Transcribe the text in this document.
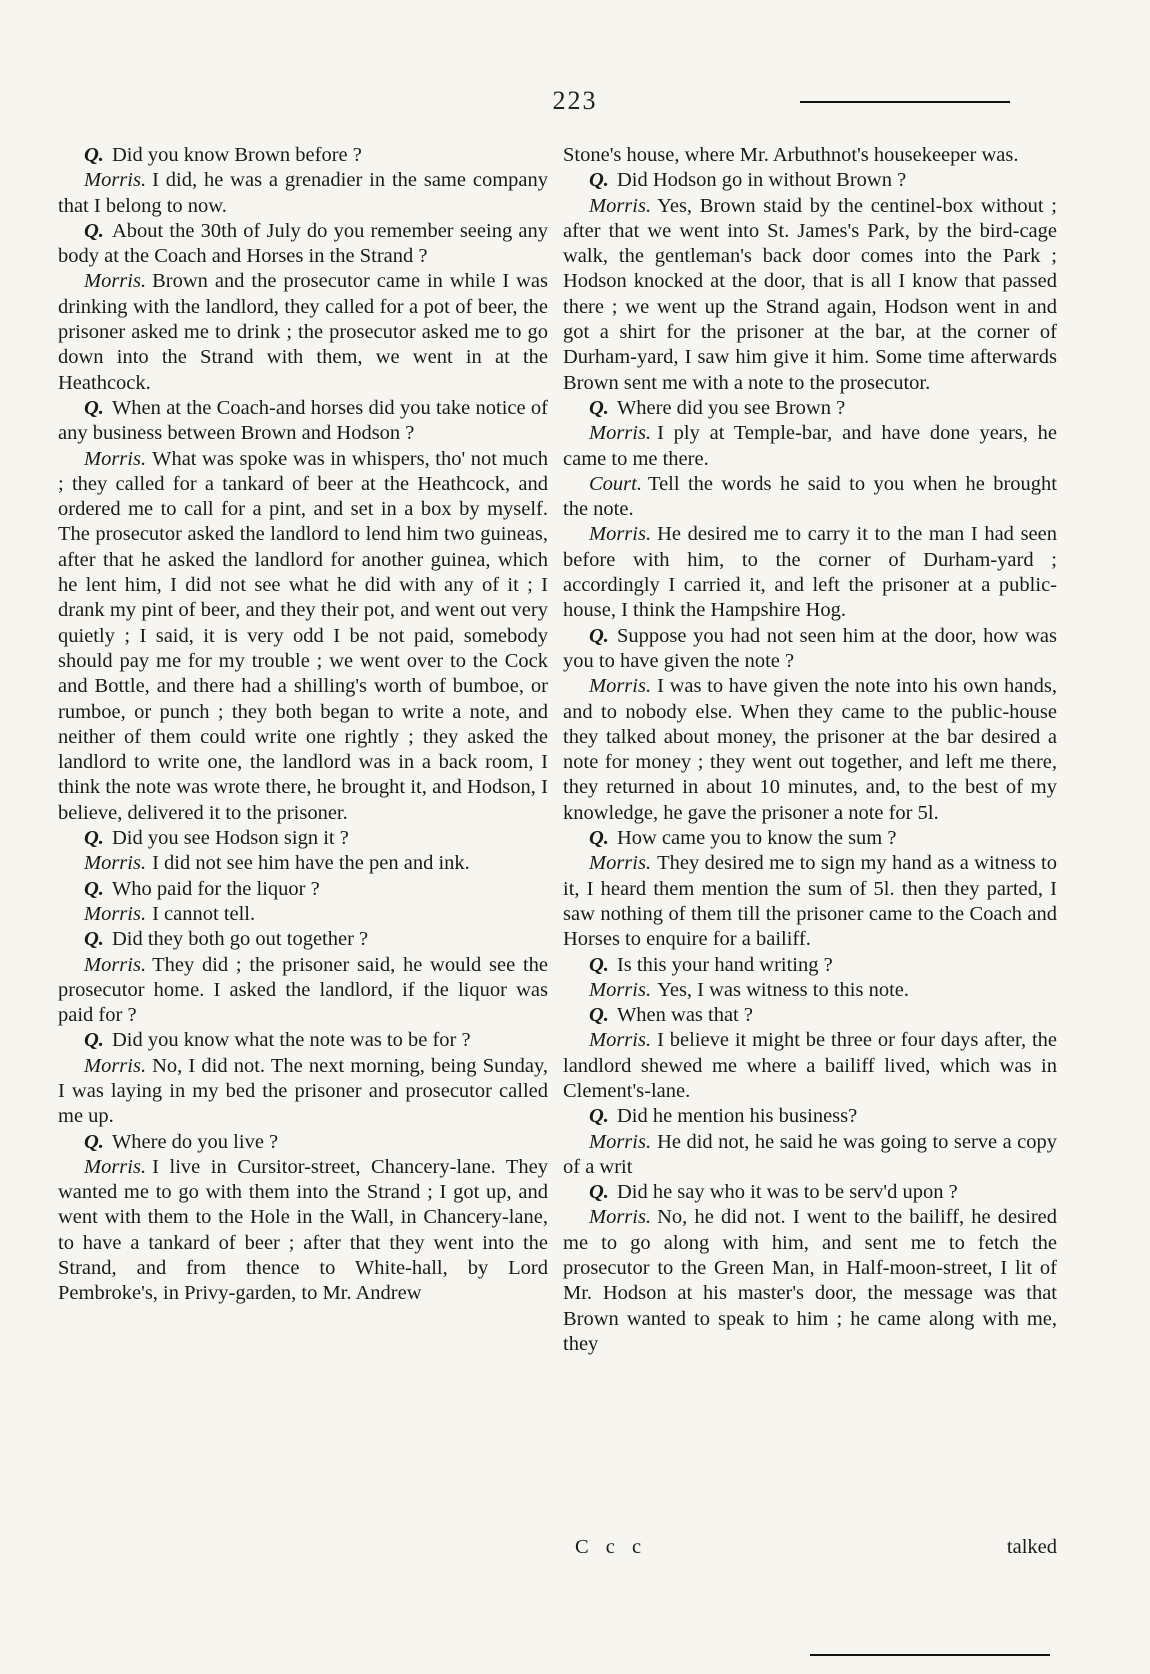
223

Q. Did you know Brown before ?

Morris. I did, he was a grenadier in the same company that I belong to now.

Q. About the 30th of July do you remember seeing any body at the Coach and Horses in the Strand ?

Morris. Brown and the prosecutor came in while I was drinking with the landlord, they called for a pot of beer, the prisoner asked me to drink ; the prosecutor asked me to go down into the Strand with them, we went in at the Heathcock.

Q. When at the Coach-and horses did you take notice of any business between Brown and Hodson ?

Morris. What was spoke was in whispers, tho' not much ; they called for a tankard of beer at the Heathcock, and ordered me to call for a pint, and set in a box by myself. The prosecutor asked the landlord to lend him two guineas, after that he asked the landlord for another guinea, which he lent him, I did not see what he did with any of it ; I drank my pint of beer, and they their pot, and went out very quietly ; I said, it is very odd I be not paid, somebody should pay me for my trouble ; we went over to the Cock and Bottle, and there had a shilling's worth of bumboe, or rumboe, or punch ; they both began to write a note, and neither of them could write one rightly ; they asked the landlord to write one, the landlord was in a back room, I think the note was wrote there, he brought it, and Hodson, I believe, delivered it to the prisoner.

Q. Did you see Hodson sign it ?

Morris. I did not see him have the pen and ink.

Q. Who paid for the liquor ?

Morris. I cannot tell.

Q. Did they both go out together ?

Morris. They did ; the prisoner said, he would see the prosecutor home. I asked the landlord, if the liquor was paid for ?

Q. Did you know what the note was to be for ?

Morris. No, I did not. The next morning, being Sunday, I was laying in my bed the prisoner and prosecutor called me up.

Q. Where do you live ?

Morris. I live in Cursitor-street, Chancery-lane. They wanted me to go with them into the Strand ; I got up, and went with them to the Hole in the Wall, in Chancery-lane, to have a tankard of beer ; after that they went into the Strand, and from thence to White-hall, by Lord Pembroke's, in Privy-garden, to Mr. Andrew

Stone's house, where Mr. Arbuthnot's housekeeper was.

Q. Did Hodson go in without Brown ?

Morris. Yes, Brown staid by the centinel-box without ; after that we went into St. James's Park, by the bird-cage walk, the gentleman's back door comes into the Park ; Hodson knocked at the door, that is all I know that passed there ; we went up the Strand again, Hodson went in and got a shirt for the prisoner at the bar, at the corner of Durham-yard, I saw him give it him. Some time afterwards Brown sent me with a note to the prosecutor.

Q. Where did you see Brown ?

Morris. I ply at Temple-bar, and have done years, he came to me there.

Court. Tell the words he said to you when he brought the note.

Morris. He desired me to carry it to the man I had seen before with him, to the corner of Durham-yard ; accordingly I carried it, and left the prisoner at a public-house, I think the Hampshire Hog.

Q. Suppose you had not seen him at the door, how was you to have given the note ?

Morris. I was to have given the note into his own hands, and to nobody else. When they came to the public-house they talked about money, the prisoner at the bar desired a note for money ; they went out together, and left me there, they returned in about 10 minutes, and, to the best of my knowledge, he gave the prisoner a note for 5l.

Q. How came you to know the sum ?

Morris. They desired me to sign my hand as a witness to it, I heard them mention the sum of 5l. then they parted, I saw nothing of them till the prisoner came to the Coach and Horses to enquire for a bailiff.

Q. Is this your hand writing ?

Morris. Yes, I was witness to this note.

Q. When was that ?

Morris. I believe it might be three or four days after, the landlord shewed me where a bailiff lived, which was in Clement's-lane.

Q. Did he mention his business?

Morris. He did not, he said he was going to serve a copy of a writ

Q. Did he say who it was to be serv'd upon ?

Morris. No, he did not. I went to the bailiff, he desired me to go along with him, and sent me to fetch the prosecutor to the Green Man, in Half-moon-street, I lit of Mr. Hodson at his master's door, the message was that Brown wanted to speak to him ; he came along with me, they

C c c	talked
